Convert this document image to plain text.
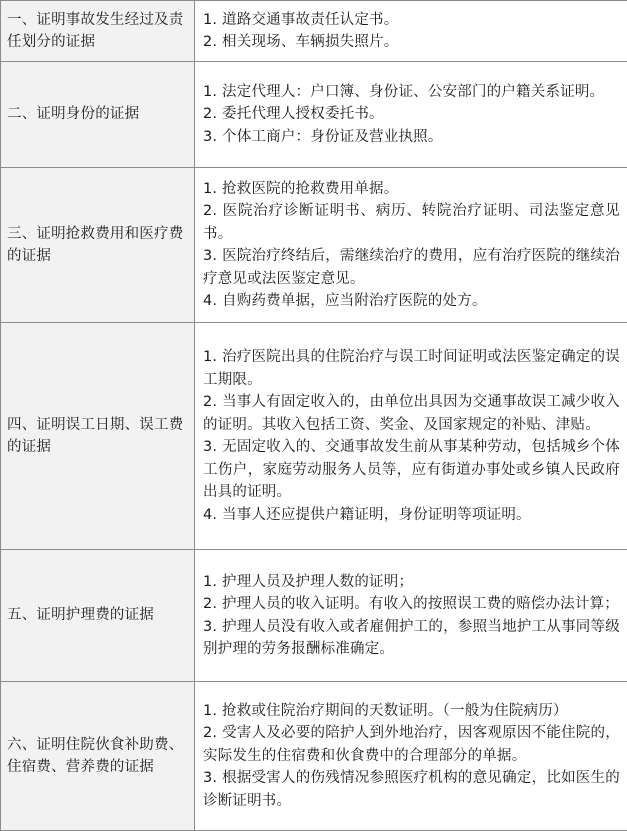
一、证明事故发生经过及责任划分的证据	1. 道路交通事故责任认定书。
2. 相关现场、车辆损失照片。

二、证明身份的证据	1. 法定代理人：户口簿、身份证、公安部门的户籍关系证明。
2. 委托代理人授权委托书。
3. 个体工商户：身份证及营业执照。

三、证明抢救费用和医疗费的证据	1. 抢救医院的抢救费用单据。
2. 医院治疗诊断证明书、病历、转院治疗证明、司法鉴定意见书。
3. 医院治疗终结后，需继续治疗的费用，应有治疗医院的继续治疗意见或法医鉴定意见。
4. 自购药费单据，应当附治疗医院的处方。

四、证明误工日期、误工费的证据	1. 治疗医院出具的住院治疗与误工时间证明或法医鉴定确定的误工期限。
2. 当事人有固定收入的，由单位出具因为交通事故误工减少收入的证明。其收入包括工资、奖金、及国家规定的补贴、津贴。
3. 无固定收入的、交通事故发生前从事某种劳动，包括城乡个体工伤户，家庭劳动服务人员等，应有街道办事处或乡镇人民政府出具的证明。
4. 当事人还应提供户籍证明，身份证明等项证明。

五、证明护理费的证据	1. 护理人员及护理人数的证明；
2. 护理人员的收入证明。有收入的按照误工费的赔偿办法计算；
3. 护理人员没有收入或者雇佣护工的，参照当地护工从事同等级别护理的劳务报酬标准确定。

六、证明住院伙食补助费、住宿费、营养费的证据	1. 抢救或住院治疗期间的天数证明。（一般为住院病历）
2. 受害人及必要的陪护人到外地治疗，因客观原因不能住院的，实际发生的住宿费和伙食费中的合理部分的单据。
3. 根据受害人的伤残情况参照医疗机构的意见确定，比如医生的诊断证明书。
